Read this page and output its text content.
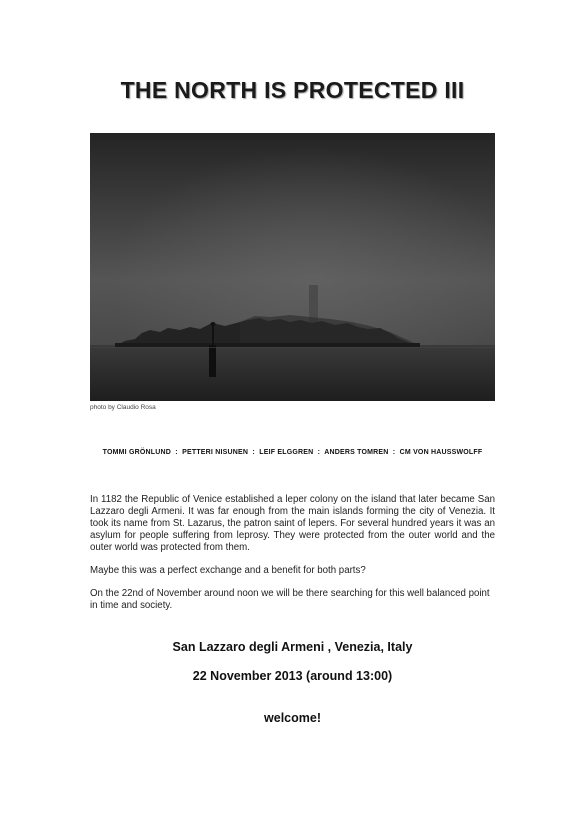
THE NORTH IS PROTECTED III
photo by Claudio Rosa
TOMMI GRÖNLUND  :  PETTERI NISUNEN  :  LEIF ELGGREN  :  ANDERS TOMREN  :  CM VON HAUSSWOLFF

In 1182 the Republic of Venice established a leper colony on the island that later became San Lazzaro degli Armeni. It was far enough from the main islands forming the city of Venezia. It took its name from St. Lazarus, the patron saint of lepers. For several hundred years it was an asylum for people suffering from leprosy. They were protected from the outer world and the outer world was protected from them.

Maybe this was a perfect exchange and a benefit for both parts?

On the 22nd of November around noon we will be there searching for this well balanced point in time and society.

San Lazzaro degli Armeni , Venezia, Italy
22 November 2013 (around 13:00)
welcome!
